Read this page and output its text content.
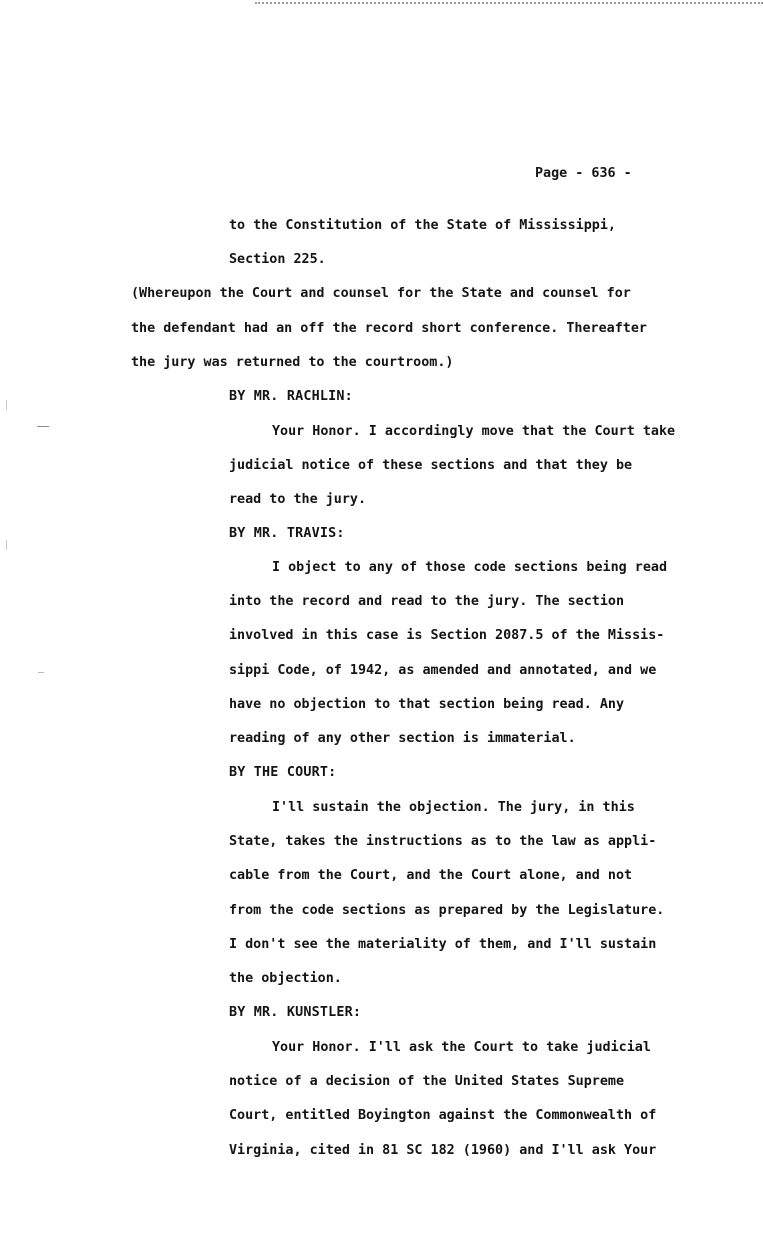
Page - 636 -
to the Constitution of the State of Mississippi,
Section 225.
(Whereupon the Court and counsel for the State and counsel for
the defendant had an off the record short conference. Thereafter
the jury was returned to the courtroom.)
BY MR. RACHLIN:
Your Honor. I accordingly move that the Court take
judicial notice of these sections and that they be
read to the jury.
BY MR. TRAVIS:
I object to any of those code sections being read
into the record and read to the jury. The section
involved in this case is Section 2087.5 of the Missis-
sippi Code, of 1942, as amended and annotated, and we
have no objection to that section being read. Any
reading of any other section is immaterial.
BY THE COURT:
I'll sustain the objection. The jury, in this
State, takes the instructions as to the law as appli-
cable from the Court, and the Court alone, and not
from the code sections as prepared by the Legislature.
I don't see the materiality of them, and I'll sustain
the objection.
BY MR. KUNSTLER:
Your Honor. I'll ask the Court to take judicial
notice of a decision of the United States Supreme
Court, entitled Boyington against the Commonwealth of
Virginia, cited in 81 SC 182 (1960) and I'll ask Your
